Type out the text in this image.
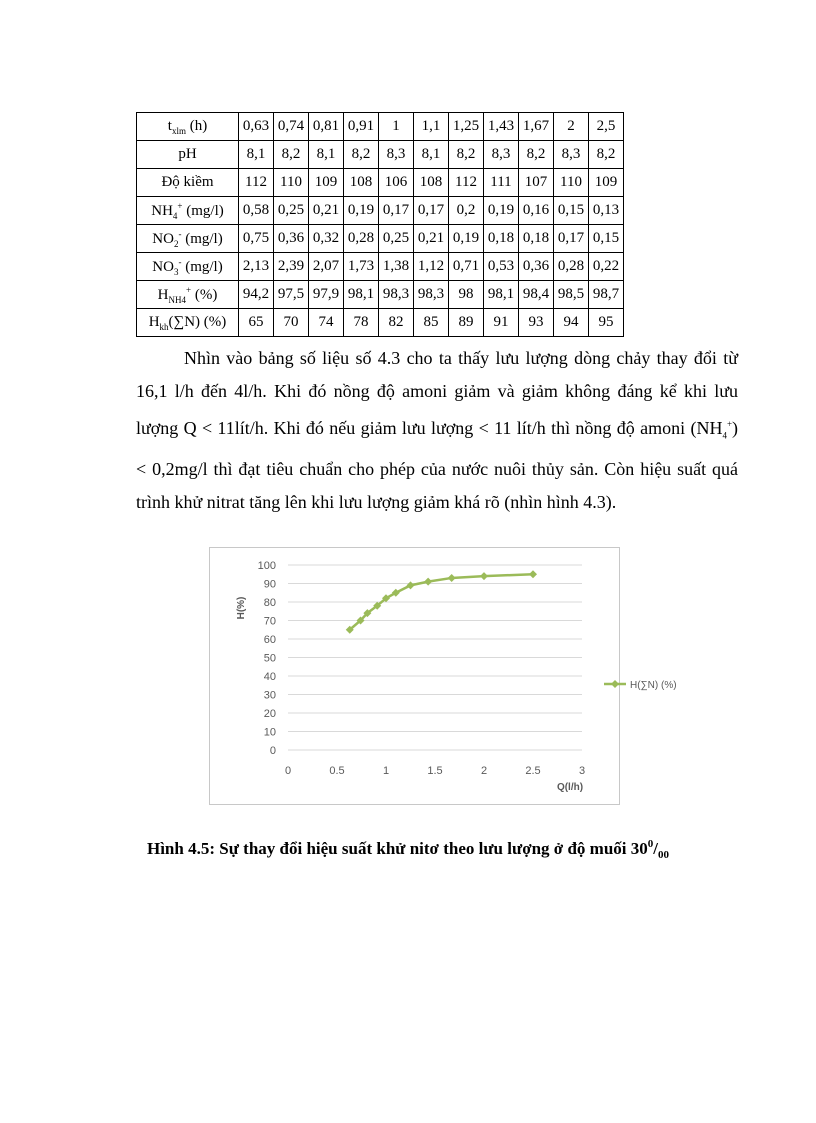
$t_{xlm}$ (h)	0,63	0,74	0,81	0,91	1	1,1	1,25	1,43	1,67	2	2,5
pH	8,1	8,2	8,1	8,2	8,3	8,1	8,2	8,3	8,2	8,3	8,2
Độ kiềm	112	110	109	108	106	108	112	111	107	110	109
$NH_4^+$ (mg/l)	0,58	0,25	0,21	0,19	0,17	0,17	0,2	0,19	0,16	0,15	0,13
$NO_2^-$ (mg/l)	0,75	0,36	0,32	0,28	0,25	0,21	0,19	0,18	0,18	0,17	0,15
$NO_3^-$ (mg/l)	2,13	2,39	2,07	1,73	1,38	1,12	0,71	0,53	0,36	0,28	0,22
$H_{NH4}^+$ (%)	94,2	97,5	97,9	98,1	98,3	98,3	98	98,1	98,4	98,5	98,7
$H_{kh}(\sum N)$ (%)	65	70	74	78	82	85	89	91	93	94	95

Nhìn vào bảng số liệu số 4.3 cho ta thấy lưu lượng dòng chảy thay đổi từ 16,1 l/h đến 4l/h. Khi đó nồng độ amoni giảm và giảm không đáng kể khi lưu lượng Q < 11lít/h. Khi đó nếu giảm lưu lượng < 11 lít/h thì nồng độ amoni $(NH_4^+) < 0,2mg/l$ thì đạt tiêu chuẩn cho phép của nước nuôi thủy sản. Còn hiệu suất quá trình khử nitrat tăng lên khi lưu lượng giảm khá rõ (nhìn hình 4.3).

0
10
20
30
40
50
60
70
80
90
100
0	0.5	1	1.5	2	2.5	3
Q(l/h)
H(%)
H(∑N) (%)

Hình 4.5: Sự thay đổi hiệu suất khử nitơ theo lưu lượng ở độ muối $30^0/_{00}$
